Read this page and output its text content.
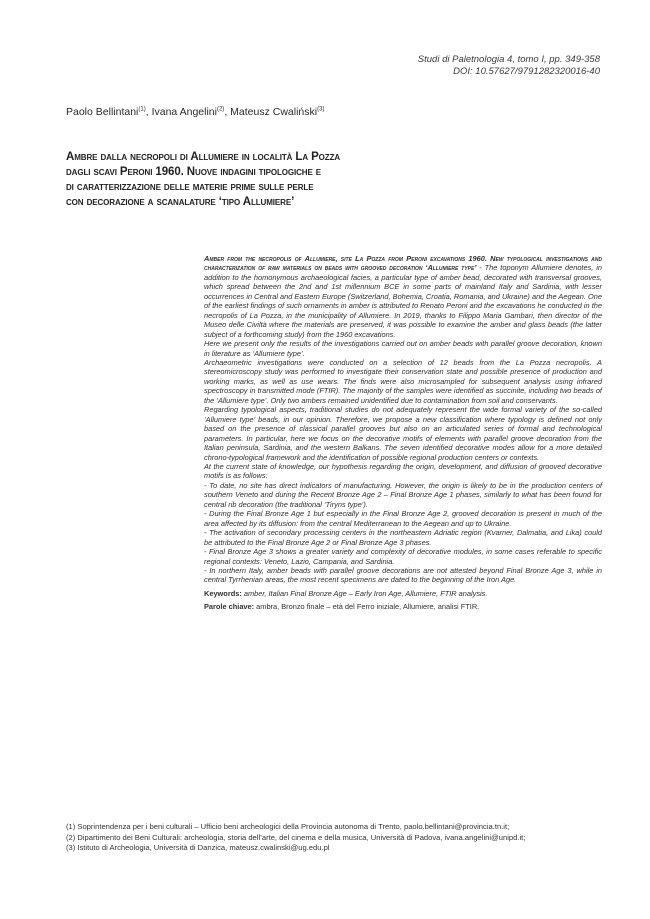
Studi di Paletnologia 4, tomo I, pp. 349-358
DOI: 10.57627/9791282320016-40
Paolo Bellintani$^{(1)}$, Ivana Angelini$^{(2)}$, Mateusz Cwaliński$^{(3)}$
Ambre dalla necropoli di Allumiere in località La Pozza
dagli scavi Peroni 1960. Nuove indagini tipologiche e
di caratterizzazione delle materie prime sulle perle
con decorazione a scanalature ‘tipo Allumiere’

Amber from the necropolis of Allumiere, site La Pozza from Peroni excavations 1960. New typological investigations and characterization of raw materials on beads with grooved decoration ‘Allumiere type’ - The toponym Allumiere denotes, in addition to the homonymous archaeological facies, a particular type of amber bead, decorated with transversal grooves, which spread between the 2nd and 1st millennium BCE in some parts of mainland Italy and Sardinia, with lesser occurrences in Central and Eastern Europe (Switzerland, Bohemia, Croatia, Romania, and Ukraine) and the Aegean. One of the earliest findings of such ornaments in amber is attributed to Renato Peroni and the excavations he conducted in the necropolis of La Pozza, in the municipality of Allumiere. In 2019, thanks to Filippo Maria Gambari, then director of the Museo delle Civiltà where the materials are preserved, it was possible to examine the amber and glass beads (the latter subject of a forthcoming study) from the 1960 excavations.

Here we present only the results of the investigations carried out on amber beads with parallel groove decoration, known in literature as ‘Allumiere type’.

Archaeometric investigations were conducted on a selection of 12 beads from the La Pozza necropolis. A stereomicroscopy study was performed to investigate their conservation state and possible presence of production and working marks, as well as use wears. The finds were also microsampled for subsequent analysis using infrared spectroscopy in transmitted mode (FTIR). The majority of the samples were identified as succinite, including two beads of the ‘Allumiere type’. Only two ambers remained unidentified due to contamination from soil and conservants.

Regarding typological aspects, traditional studies do not adequately represent the wide formal variety of the so-called ‘Allumiere type’ beads, in our opinion. Therefore, we propose a new classification where typology is defined not only based on the presence of classical parallel grooves but also on an articulated series of formal and technological parameters. In particular, here we focus on the decorative motifs of elements with parallel groove decoration from the Italian peninsula, Sardinia, and the western Balkans. The seven identified decorative modes allow for a more detailed chrono-typological framework and the identification of possible regional production centers or contexts.

At the current state of knowledge, our hypothesis regarding the origin, development, and diffusion of grooved decorative motifs is as follows:

- To date, no site has direct indicators of manufacturing. However, the origin is likely to be in the production centers of southern Veneto and during the Recent Bronze Age 2 – Final Bronze Age 1 phases, similarly to what has been found for central rib decoration (the traditional ‘Tiryns type’).

- During the Final Bronze Age 1 but especially in the Final Bronze Age 2, grooved decoration is present in much of the area affected by its diffusion: from the central Mediterranean to the Aegean and up to Ukraine.

- The activation of secondary processing centers in the northeastern Adriatic region (Kvarner, Dalmatia, and Lika) could be attributed to the Final Bronze Age 2 or Final Bronze Age 3 phases.

- Final Bronze Age 3 shows a greater variety and complexity of decorative modules, in some cases referable to specific regional contexts: Veneto, Lazio, Campania, and Sardinia.

- In northern Italy, amber beads with parallel groove decorations are not attested beyond Final Bronze Age 3, while in central Tyrrhenian areas, the most recent specimens are dated to the beginning of the Iron Age.

Keywords: amber, Italian Final Bronze Age – Early Iron Age, Allumiere, FTIR analysis.

Parole chiave: ambra, Bronzo finale – età del Ferro iniziale, Allumiere, analisi FTIR.

(1) Soprintendenza per i beni culturali – Ufficio beni archeologici della Provincia autonoma di Trento, paolo.bellintani@provincia.tn.it;
(2) Dipartimento dei Beni Culturali: archeologia, storia dell’arte, del cinema e della musica, Università di Padova, ivana.angelini@unipd.it;
(3) Istituto di Archeologia, Università di Danzica, mateusz.cwalinski@ug.edu.pl
